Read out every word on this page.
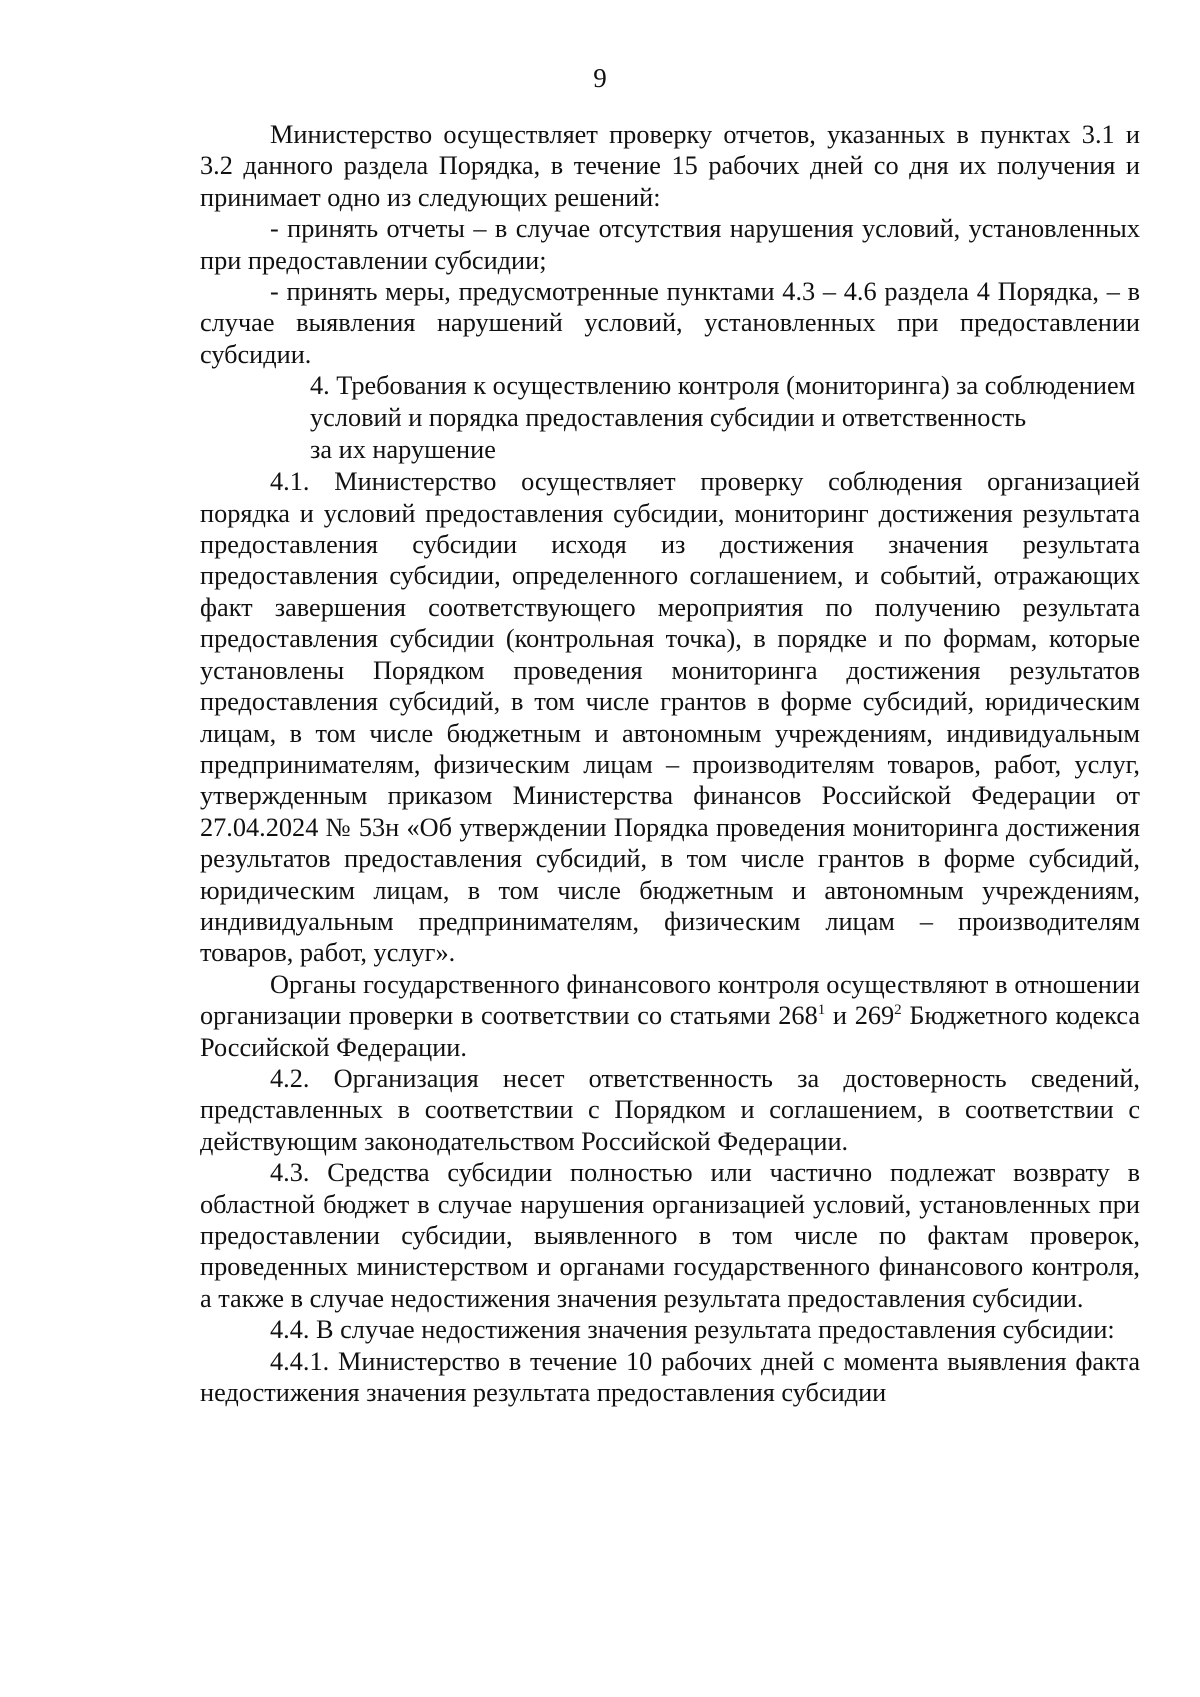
9

Министерство осуществляет проверку отчетов, указанных в пунктах 3.1 и 3.2 данного раздела Порядка, в течение 15 рабочих дней со дня их получения и принимает одно из следующих решений:

- принять отчеты – в случае отсутствия нарушения условий, установленных при предоставлении субсидии;

- принять меры, предусмотренные пунктами 4.3 – 4.6 раздела 4 Порядка, – в случае выявления нарушений условий, установленных при предоставлении субсидии.

4. Требования к осуществлению контроля (мониторинга) за соблюдением
условий и порядка предоставления субсидии и ответственность
за их нарушение

4.1. Министерство осуществляет проверку соблюдения организацией порядка и условий предоставления субсидии, мониторинг достижения результата предоставления субсидии исходя из достижения значения результата предоставления субсидии, определенного соглашением, и событий, отражающих факт завершения соответствующего мероприятия по получению результата предоставления субсидии (контрольная точка), в порядке и по формам, которые установлены Порядком проведения мониторинга достижения результатов предоставления субсидий, в том числе грантов в форме субсидий, юридическим лицам, в том числе бюджетным и автономным учреждениям, индивидуальным предпринимателям, физическим лицам – производителям товаров, работ, услуг, утвержденным приказом Министерства финансов Российской Федерации от 27.04.2024 № 53н «Об утверждении Порядка проведения мониторинга достижения результатов предоставления субсидий, в том числе грантов в форме субсидий, юридическим лицам, в том числе бюджетным и автономным учреждениям, индивидуальным предпринимателям, физическим лицам – производителям товаров, работ, услуг».

Органы государственного финансового контроля осуществляют в отношении организации проверки в соответствии со статьями $268^1$ и $269^2$ Бюджетного кодекса Российской Федерации.

4.2. Организация несет ответственность за достоверность сведений, представленных в соответствии с Порядком и соглашением, в соответствии с действующим законодательством Российской Федерации.

4.3. Средства субсидии полностью или частично подлежат возврату в областной бюджет в случае нарушения организацией условий, установленных при предоставлении субсидии, выявленного в том числе по фактам проверок, проведенных министерством и органами государственного финансового контроля, а также в случае недостижения значения результата предоставления субсидии.

4.4. В случае недостижения значения результата предоставления субсидии:

4.4.1. Министерство в течение 10 рабочих дней с момента выявления факта недостижения значения результата предоставления субсидии
